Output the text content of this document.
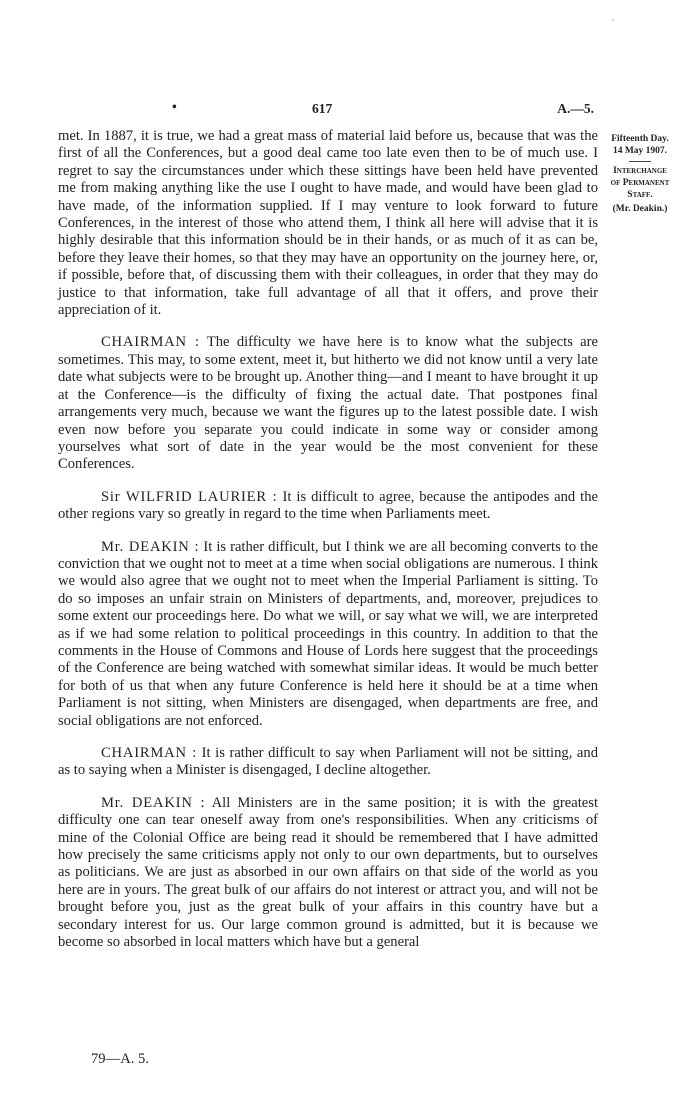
,
•	617	A.—5.
Fifteenth Day.
14 May 1907.
Interchange
of Permanent
Staff.
(Mr. Deakin.)

met. In 1887, it is true, we had a great mass of material laid before us, because that was the first of all the Conferences, but a good deal came too late even then to be of much use. I regret to say the circumstances under which these sittings have been held have prevented me from making anything like the use I ought to have made, and would have been glad to have made, of the information supplied. If I may venture to look forward to future Conferences, in the interest of those who attend them, I think all here will advise that it is highly desirable that this information should be in their hands, or as much of it as can be, before they leave their homes, so that they may have an opportunity on the journey here, or, if possible, before that, of discussing them with their colleagues, in order that they may do justice to that information, take full advantage of all that it offers, and prove their appreciation of it.

CHAIRMAN : The difficulty we have here is to know what the subjects are sometimes. This may, to some extent, meet it, but hitherto we did not know until a very late date what subjects were to be brought up. Another thing—and I meant to have brought it up at the Conference—is the difficulty of fixing the actual date. That postpones final arrangements very much, because we want the figures up to the latest possible date. I wish even now before you separate you could indicate in some way or consider among yourselves what sort of date in the year would be the most convenient for these Conferences.

Sir WILFRID LAURIER : It is difficult to agree, because the antipodes and the other regions vary so greatly in regard to the time when Parliaments meet.

Mr. DEAKIN : It is rather difficult, but I think we are all becoming converts to the conviction that we ought not to meet at a time when social obligations are numerous. I think we would also agree that we ought not to meet when the Imperial Parliament is sitting. To do so imposes an unfair strain on Ministers of departments, and, moreover, prejudices to some extent our proceedings here. Do what we will, or say what we will, we are interpreted as if we had some relation to political proceedings in this country. In addition to that the comments in the House of Commons and House of Lords here suggest that the proceedings of the Conference are being watched with somewhat similar ideas. It would be much better for both of us that when any future Conference is held here it should be at a time when Parliament is not sitting, when Ministers are disengaged, when departments are free, and social obligations are not enforced.

CHAIRMAN : It is rather difficult to say when Parliament will not be sitting, and as to saying when a Minister is disengaged, I decline altogether.

Mr. DEAKIN : All Ministers are in the same position; it is with the greatest difficulty one can tear oneself away from one's responsibilities. When any criticisms of mine of the Colonial Office are being read it should be remembered that I have admitted how precisely the same criticisms apply not only to our own departments, but to ourselves as politicians. We are just as absorbed in our own affairs on that side of the world as you here are in yours. The great bulk of our affairs do not interest or attract you, and will not be brought before you, just as the great bulk of your affairs in this country have but a secondary interest for us. Our large common ground is admitted, but it is because we become so absorbed in local matters which have but a general

79—A. 5.
